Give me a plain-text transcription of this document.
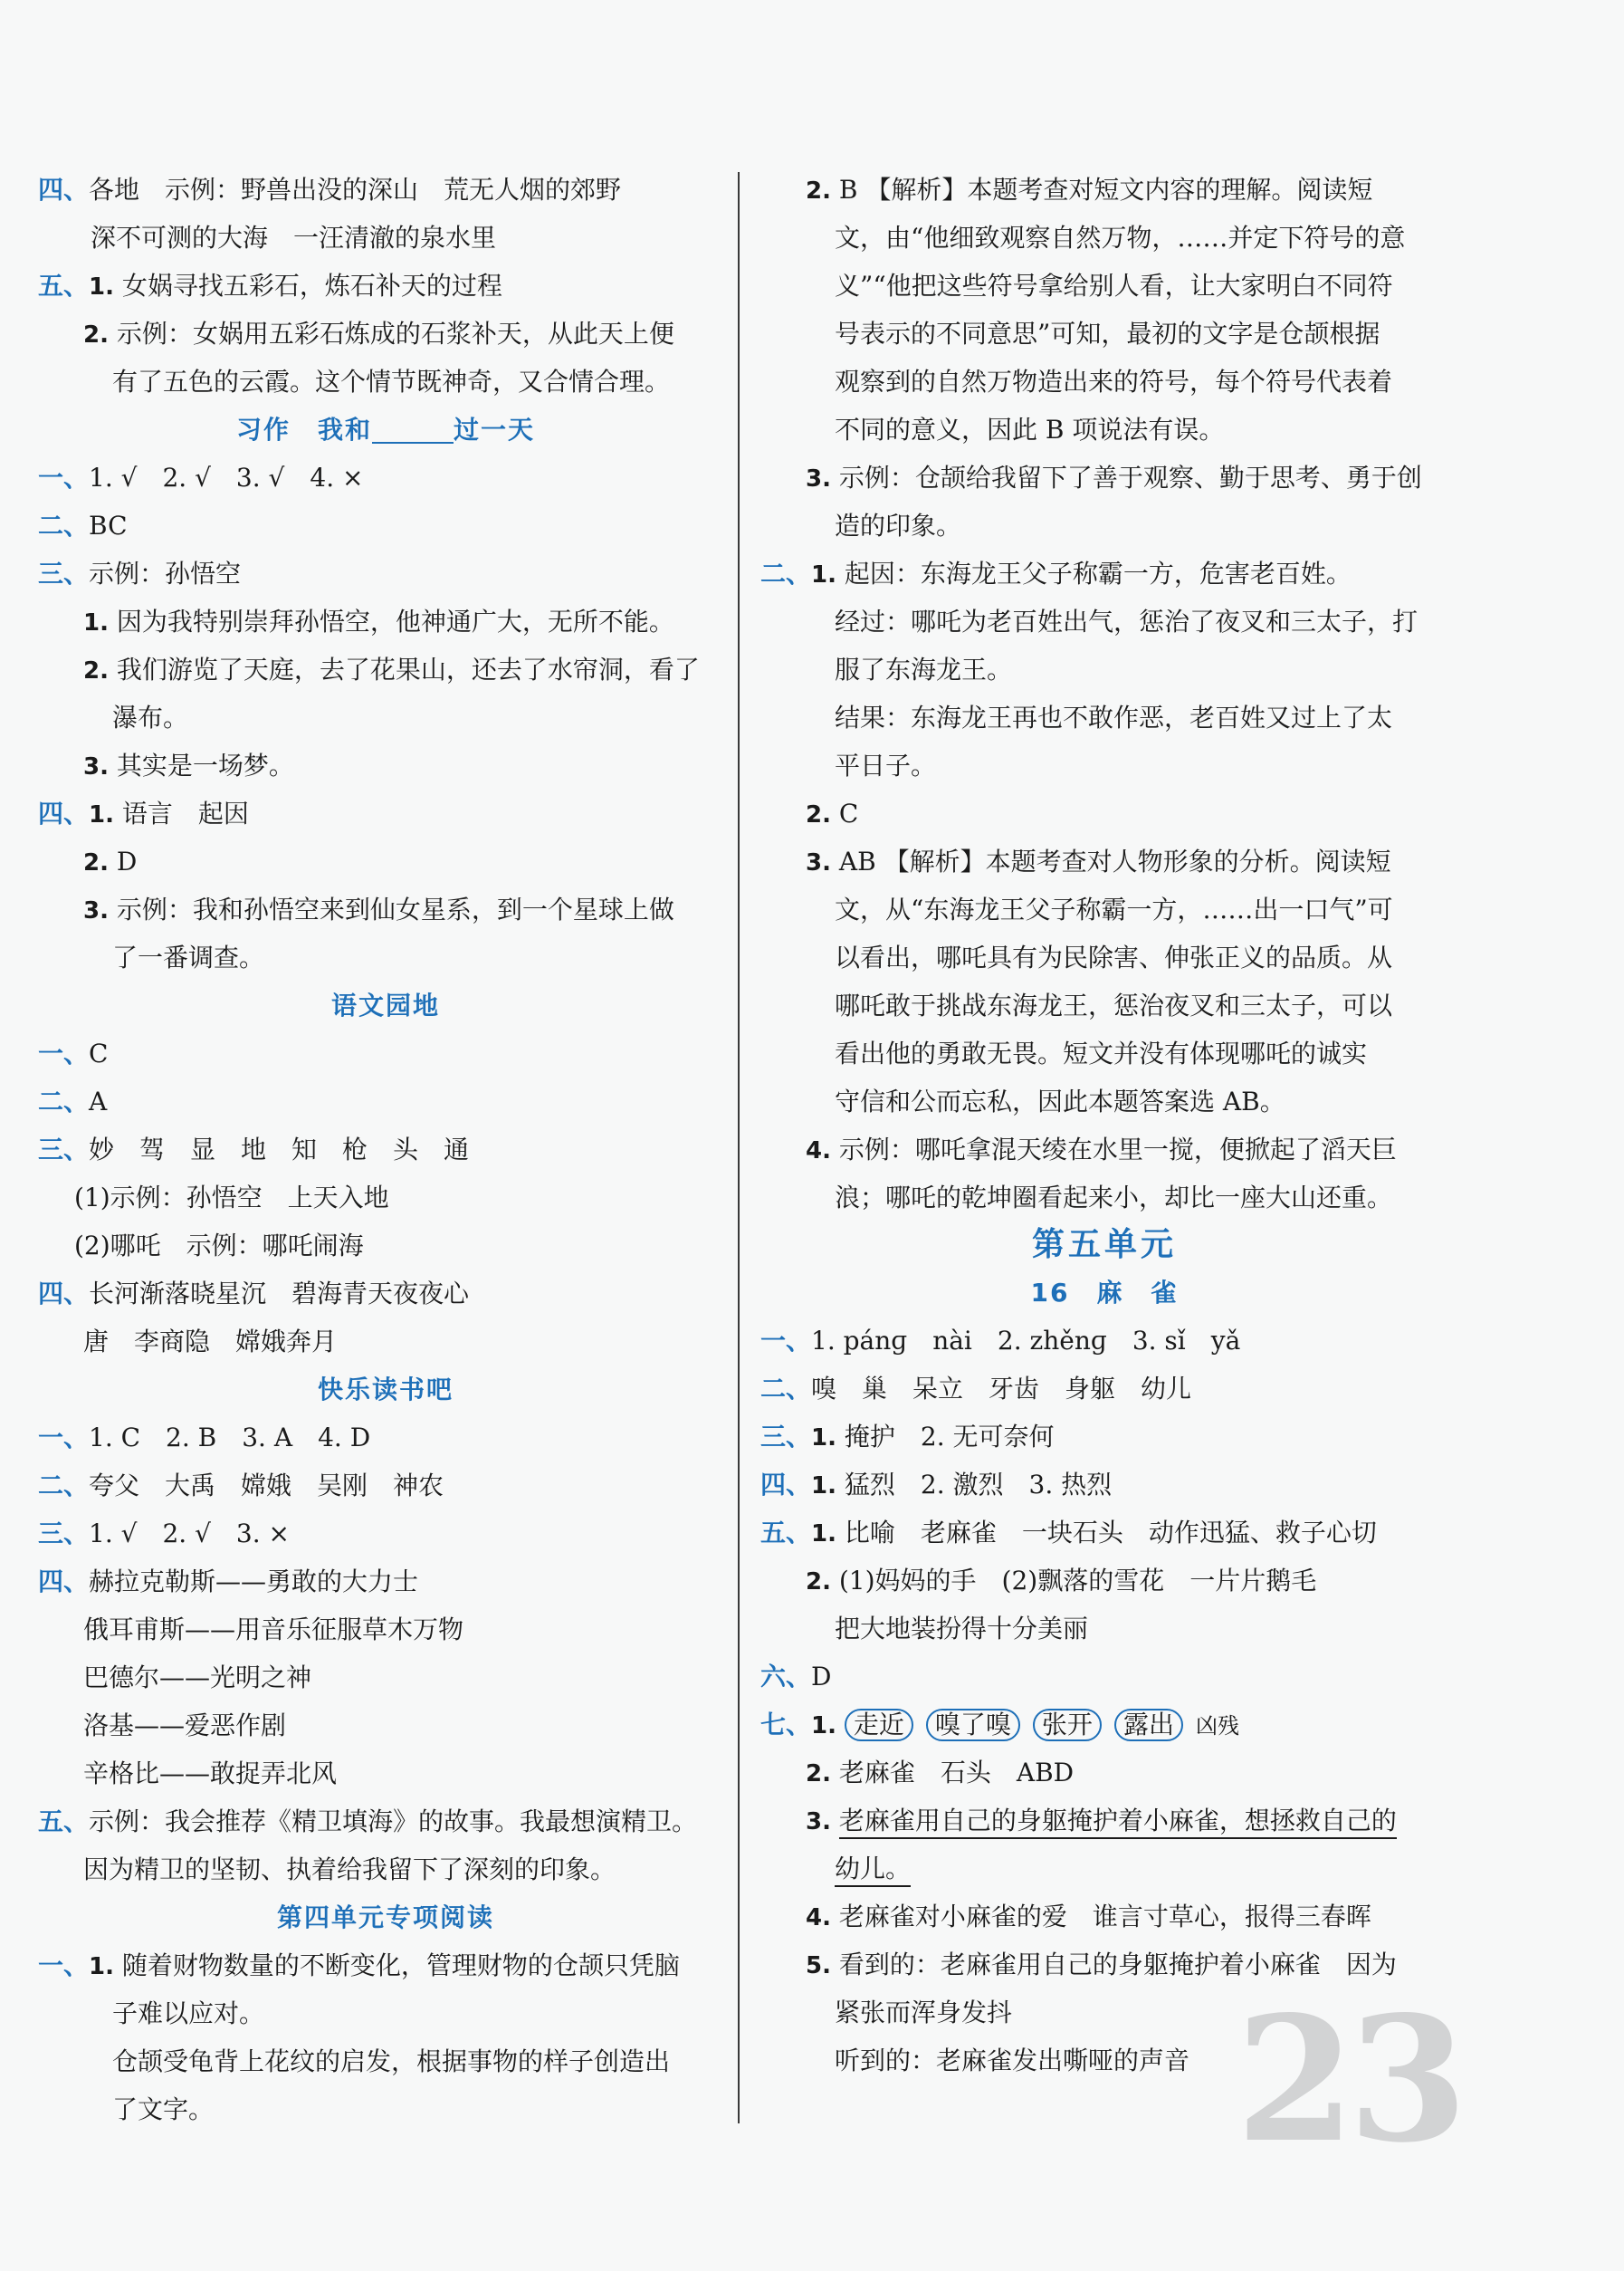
四、各地　示例：野兽出没的深山　荒无人烟的郊野
深不可测的大海　一汪清澈的泉水里
五、1. 女娲寻找五彩石，炼石补天的过程
2. 示例：女娲用五彩石炼成的石浆补天，从此天上便
有了五色的云霞。这个情节既神奇，又合情合理。
一、1. √　2. √　3. √　4. ×
二、BC
三、示例：孙悟空
1. 因为我特别崇拜孙悟空，他神通广大，无所不能。
2. 我们游览了天庭，去了花果山，还去了水帘洞，看了
瀑布。
3. 其实是一场梦。
四、1. 语言　起因
2. D
3. 示例：我和孙悟空来到仙女星系，到一个星球上做
了一番调查。
一、C
二、A
三、妙　驾　显　地　知　枪　头　通
(1)示例：孙悟空　上天入地
(2)哪吒　示例：哪吒闹海
四、长河渐落晓星沉　碧海青天夜夜心
唐　李商隐　嫦娥奔月
一、1. C　2. B　3. A　4. D
二、夸父　大禹　嫦娥　吴刚　神农
三、1. √　2. √　3. ×
四、赫拉克勒斯——勇敢的大力士
俄耳甫斯——用音乐征服草木万物
巴德尔——光明之神
洛基——爱恶作剧
辛格比——敢捉弄北风
五、示例：我会推荐《精卫填海》的故事。我最想演精卫。
因为精卫的坚韧、执着给我留下了深刻的印象。
一、1. 随着财物数量的不断变化，管理财物的仓颉只凭脑
子难以应对。
仓颉受龟背上花纹的启发，根据事物的样子创造出
了文字。
习作　我和	过一天
语文园地
快乐读书吧
第四单元专项阅读
第五单元
16　麻　雀
七、1. 走近 嗅了嗅 张开 露出 凶残
3. 老麻雀用自己的身躯掩护着小麻雀，想拯救自己的
2. B 【解析】本题考查对短文内容的理解。阅读短
文，由“他细致观察自然万物，……并定下符号的意
义”“他把这些符号拿给别人看，让大家明白不同符
号表示的不同意思”可知，最初的文字是仓颉根据
观察到的自然万物造出来的符号，每个符号代表着
不同的意义，因此 B 项说法有误。
3. 示例：仓颉给我留下了善于观察、勤于思考、勇于创
造的印象。
二、1. 起因：东海龙王父子称霸一方，危害老百姓。
经过：哪吒为老百姓出气，惩治了夜叉和三太子，打
服了东海龙王。
结果：东海龙王再也不敢作恶，老百姓又过上了太
平日子。
2. C
3. AB 【解析】本题考查对人物形象的分析。阅读短
文，从“东海龙王父子称霸一方，……出一口气”可
以看出，哪吒具有为民除害、伸张正义的品质。从
哪吒敢于挑战东海龙王，惩治夜叉和三太子，可以
看出他的勇敢无畏。短文并没有体现哪吒的诚实
守信和公而忘私，因此本题答案选 AB。
4. 示例：哪吒拿混天绫在水里一搅，便掀起了滔天巨
浪；哪吒的乾坤圈看起来小，却比一座大山还重。
一、1. pánɡ　nài　2. zhěnɡ　3. sǐ　yǎ
二、嗅　巢　呆立　牙齿　身躯　幼儿
三、1. 掩护　2. 无可奈何
四、1. 猛烈　2. 激烈　3. 热烈
五、1. 比喻　老麻雀　一块石头　动作迅猛、救子心切
2. (1)妈妈的手　(2)飘落的雪花　一片片鹅毛
把大地装扮得十分美丽
六、D
2. 老麻雀　石头　ABD
幼儿。
4. 老麻雀对小麻雀的爱　谁言寸草心，报得三春晖
5. 看到的：老麻雀用自己的身躯掩护着小麻雀　因为
紧张而浑身发抖
听到的：老麻雀发出嘶哑的声音 23
